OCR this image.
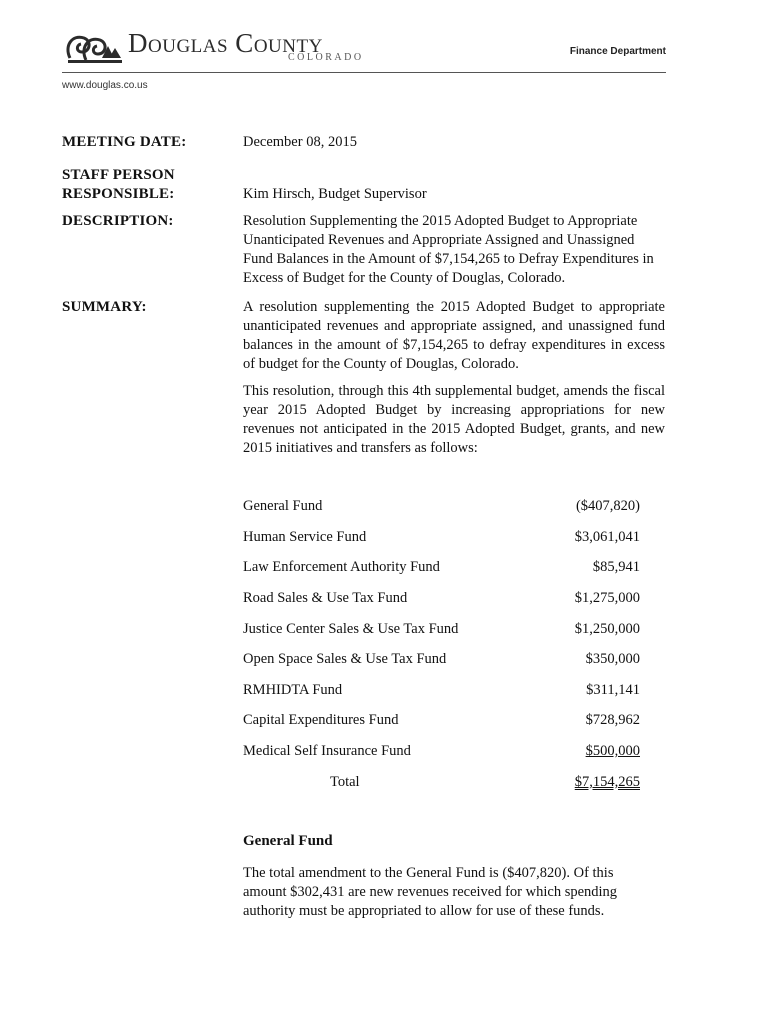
Douglas County
COLORADO
Finance Department
www.douglas.co.us
MEETING DATE:	December 08, 2015
STAFF PERSON
RESPONSIBLE:	Kim Hirsch, Budget Supervisor
DESCRIPTION:	Resolution Supplementing the 2015 Adopted Budget to Appropriate Unanticipated Revenues and Appropriate Assigned and Unassigned Fund Balances in the Amount of $7,154,265 to Defray Expenditures in Excess of Budget for the County of Douglas, Colorado.
SUMMARY:	A resolution supplementing the 2015 Adopted Budget to appropriate unanticipated revenues and appropriate assigned, and unassigned fund balances in the amount of $7,154,265 to defray expenditures in excess of budget for the County of Douglas, Colorado.
This resolution, through this 4th supplemental budget, amends the fiscal year 2015 Adopted Budget by increasing appropriations for new revenues not anticipated in the 2015 Adopted Budget, grants, and new 2015 initiatives and transfers as follows:
General Fund	($407,820)
Human Service Fund	$3,061,041
Law Enforcement Authority Fund	$85,941
Road Sales & Use Tax Fund	$1,275,000
Justice Center Sales & Use Tax Fund	$1,250,000
Open Space Sales & Use Tax Fund	$350,000
RMHIDTA Fund	$311,141
Capital Expenditures Fund	$728,962
Medical Self Insurance Fund	$500,000
Total	$7,154,265
General Fund
The total amendment to the General Fund is ($407,820). Of this amount $302,431 are new revenues received for which spending authority must be appropriated to allow for use of these funds.
